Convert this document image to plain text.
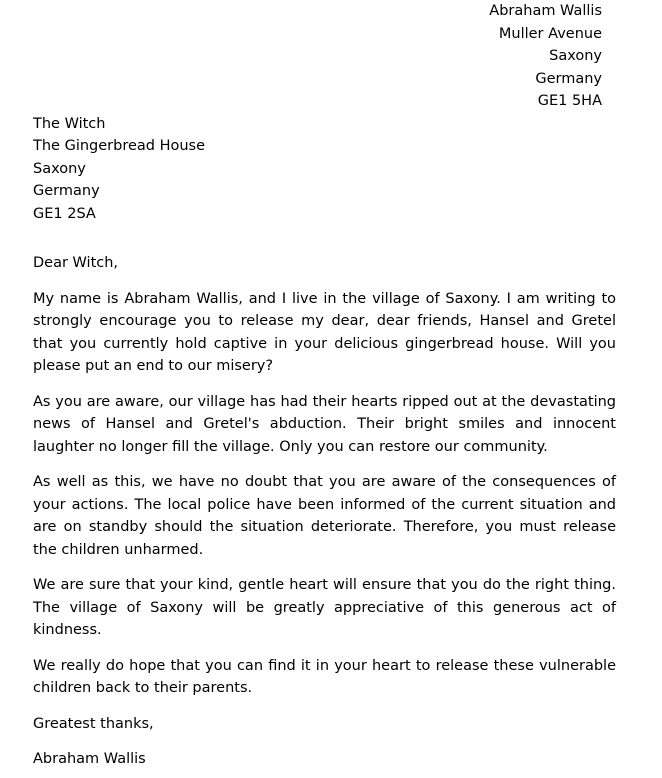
Abraham Wallis
Muller Avenue
Saxony
Germany
GE1 5HA
The Witch
The Gingerbread House
Saxony
Germany
GE1 2SA

Dear Witch,

My name is Abraham Wallis, and I live in the village of Saxony. I am writing to strongly encourage you to release my dear, dear friends, Hansel and Gretel that you currently hold captive in your delicious gingerbread house. Will you please put an end to our misery?

As you are aware, our village has had their hearts ripped out at the devastating news of Hansel and Gretel's abduction. Their bright smiles and innocent laughter no longer fill the village. Only you can restore our community.

As well as this, we have no doubt that you are aware of the consequences of your actions. The local police have been informed of the current situation and are on standby should the situation deteriorate. Therefore, you must release the children unharmed.

We are sure that your kind, gentle heart will ensure that you do the right thing. The village of Saxony will be greatly appreciative of this generous act of kindness.

We really do hope that you can find it in your heart to release these vulnerable children back to their parents.

Greatest thanks,

Abraham Wallis
